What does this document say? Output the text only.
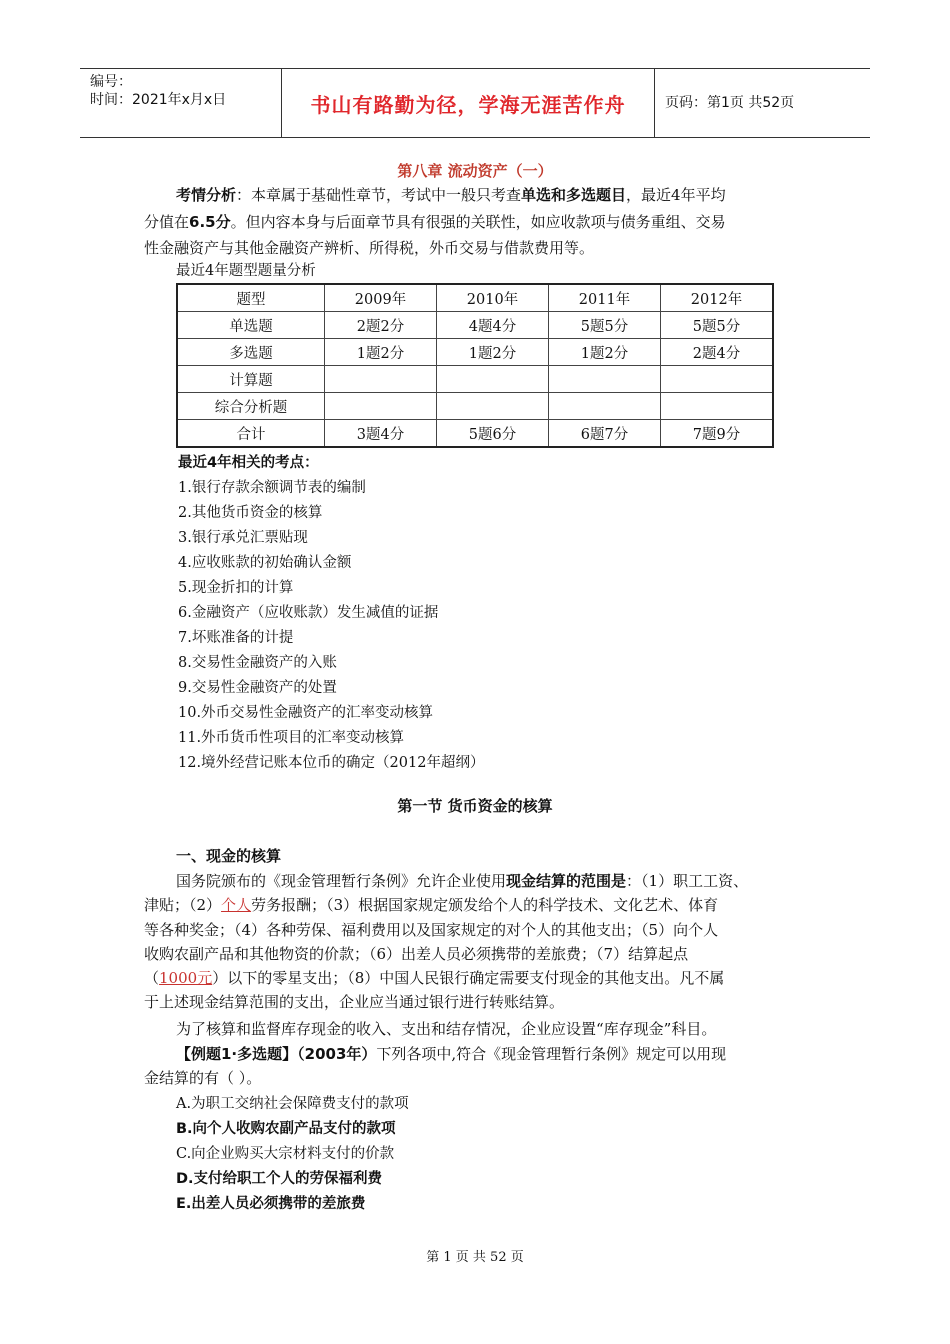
编号：
时间：2021年x月x日	书山有路勤为径，学海无涯苦作舟	页码：第1页 共52页
第八章 流动资产（一）
考情分析：本章属于基础性章节，考试中一般只考查单选和多选题目，最近4年平均
分值在6.5分。但内容本身与后面章节具有很强的关联性，如应收款项与债务重组、交易
性金融资产与其他金融资产辨析、所得税，外币交易与借款费用等。
最近4年题型题量分析
题型	2009年	2010年	2011年	2012年
单选题	2题2分	4题4分	5题5分	5题5分
多选题	1题2分	1题2分	1题2分	2题4分
计算题				
综合分析题				
合计	3题4分	5题6分	6题7分	7题9分
最近4年相关的考点：
1.银行存款余额调节表的编制
2.其他货币资金的核算
3.银行承兑汇票贴现
4.应收账款的初始确认金额
5.现金折扣的计算
6.金融资产（应收账款）发生减值的证据
7.坏账准备的计提
8.交易性金融资产的入账
9.交易性金融资产的处置
10.外币交易性金融资产的汇率变动核算
11.外币货币性项目的汇率变动核算
12.境外经营记账本位币的确定（2012年超纲）
第一节 货币资金的核算
一、现金的核算
国务院颁布的《现金管理暂行条例》允许企业使用现金结算的范围是：（1）职工工资、
津贴；（2）个人劳务报酬；（3）根据国家规定颁发给个人的科学技术、文化艺术、体育
等各种奖金；（4）各种劳保、福利费用以及国家规定的对个人的其他支出；（5）向个人
收购农副产品和其他物资的价款；（6）出差人员必须携带的差旅费；（7）结算起点
（1000元）以下的零星支出；（8）中国人民银行确定需要支付现金的其他支出。凡不属
于上述现金结算范围的支出，企业应当通过银行进行转账结算。
为了核算和监督库存现金的收入、支出和结存情况，企业应设置“库存现金”科目。
【例题1·多选题】（2003年）下列各项中,符合《现金管理暂行条例》规定可以用现
金结算的有（ ）。
A.为职工交纳社会保障费支付的款项
B.向个人收购农副产品支付的款项
C.向企业购买大宗材料支付的价款
D.支付给职工个人的劳保福利费
E.出差人员必须携带的差旅费
第 1 页 共 52 页
